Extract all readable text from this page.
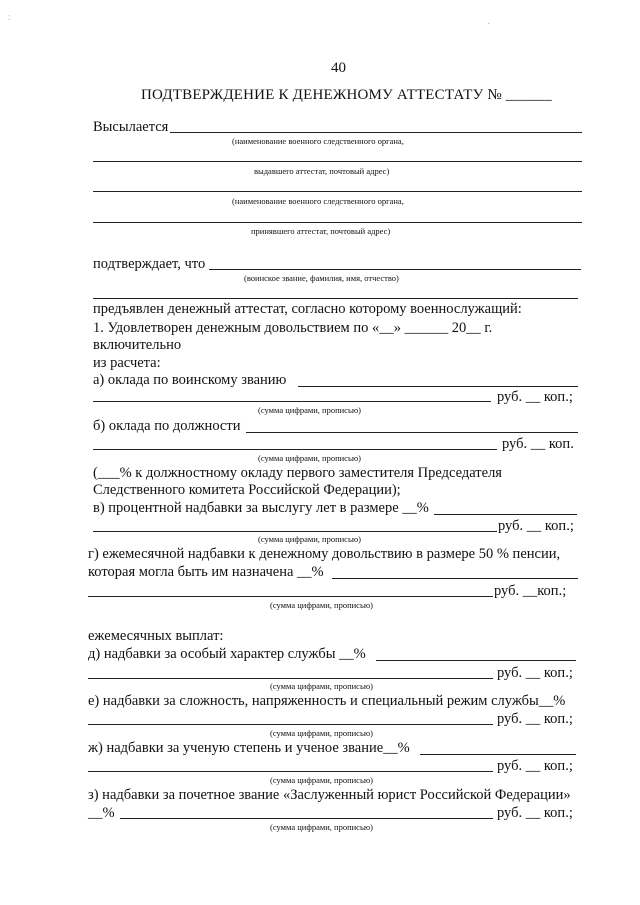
40
ПОДТВЕРЖДЕНИЕ К ДЕНЕЖНОМУ АТТЕСТАТУ № ______
Высылается
(наименование военного следственного органа,
выдавшего аттестат, почтовый адрес)
(наименование военного следственного органа,
принявшего аттестат, почтовый адрес)
подтверждает, что
(воинское звание, фамилия, имя, отчество)
предъявлен денежный аттестат, согласно которому военнослужащий:
1. Удовлетворен денежным довольствием по «__» ______ 20__ г.
включительно
из расчета:
а) оклада по воинскому званию
руб. __ коп.;
(сумма цифрами, прописью)
б) оклада по должности
руб. __ коп.
(сумма цифрами, прописью)
(___% к должностному окладу первого заместителя Председателя
Следственного комитета Российской Федерации);
в) процентной надбавки за выслугу лет в размере __%
руб. __ коп.;
(сумма цифрами, прописью)
г) ежемесячной надбавки к денежному довольствию в размере 50 % пенсии,
которая могла быть им назначена __%
руб. __коп.;
(сумма цифрами, прописью)
ежемесячных выплат:
д) надбавки за особый характер службы __%
руб. __ коп.;
(сумма цифрами, прописью)
е) надбавки за сложность, напряженность и специальный режим службы__%
руб. __ коп.;
(сумма цифрами, прописью)
ж) надбавки за ученую степень и ученое звание__%
руб. __ коп.;
(сумма цифрами, прописью)
з) надбавки за почетное звание «Заслуженный юрист Российской Федерации»
__%	руб. __ коп.;
(сумма цифрами, прописью)
:
·
